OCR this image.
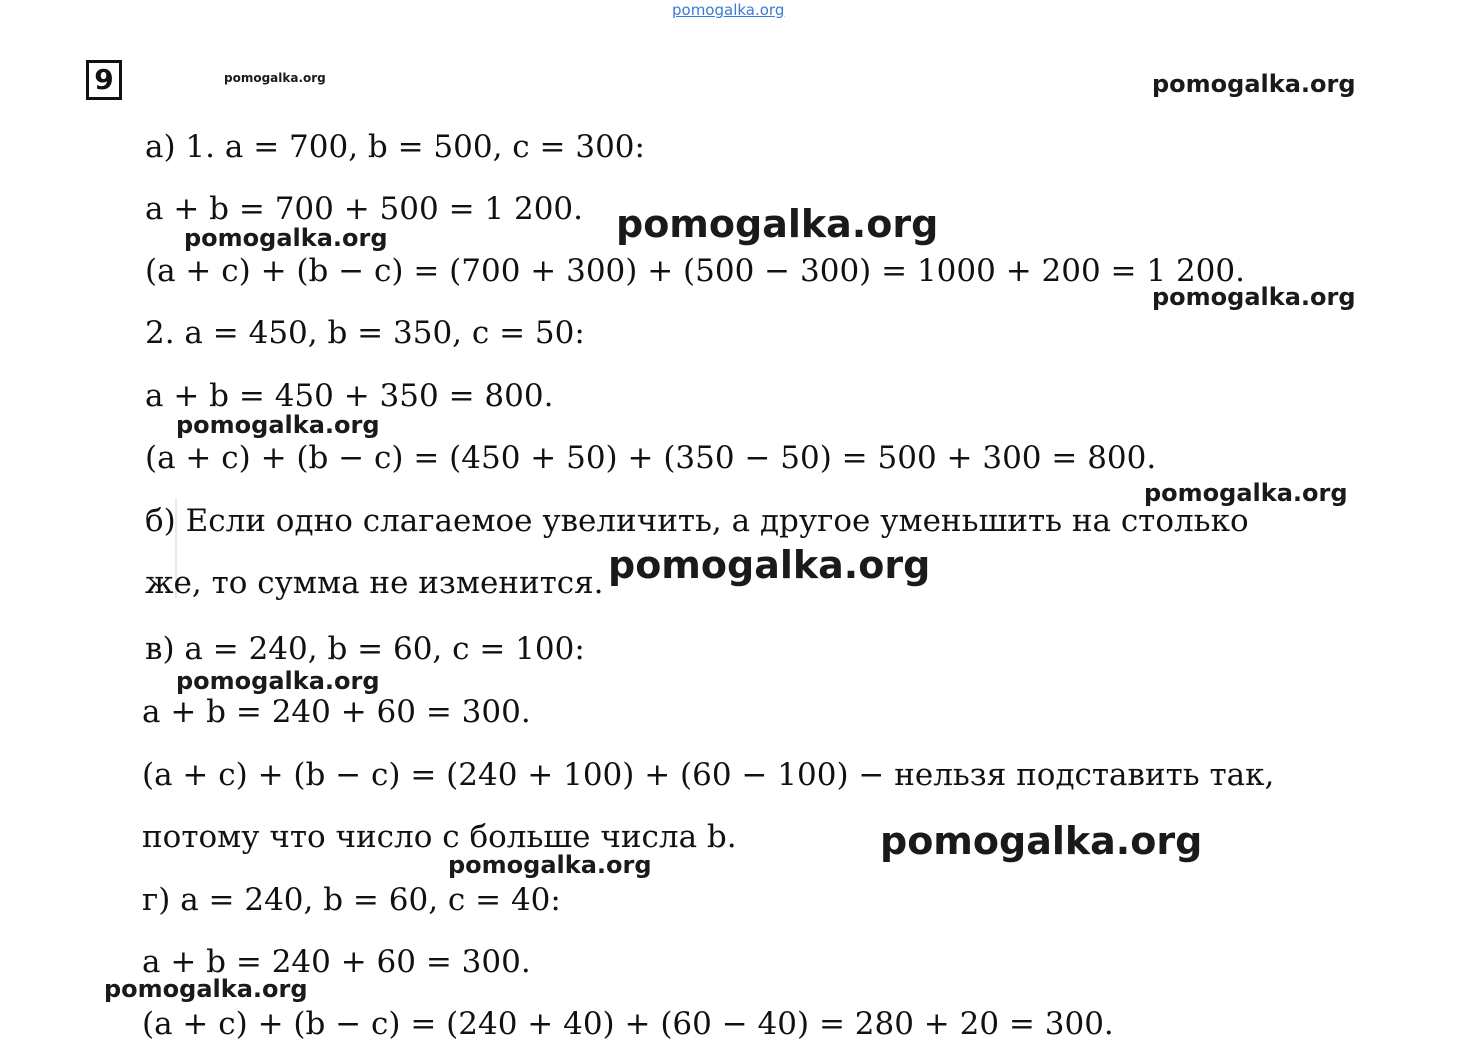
pomogalka.org
9	pomogalka.org	pomogalka.org
а) 1. a = 700, b = 500, c = 300:
a + b = 700 + 500 = 1 200.
(a + c) + (b − c) = (700 + 300) + (500 − 300) = 1000 + 200 = 1 200.
2. a = 450, b = 350, c = 50:
a + b = 450 + 350 = 800.
(a + c) + (b − c) = (450 + 50) + (350 − 50) = 500 + 300 = 800.
б) Если одно слагаемое увеличить, а другое уменьшить на столько
же, то сумма не изменится.
в) a = 240, b = 60, c = 100:
a + b = 240 + 60 = 300.
(a + c) + (b − c) = (240 + 100) + (60 − 100) − нельзя подставить так,
потому что число c больше числа b.
г) a = 240, b = 60, c = 40:
a + b = 240 + 60 = 300.
(a + c) + (b − c) = (240 + 40) + (60 − 40) = 280 + 20 = 300.
pomogalka.org
pomogalka.org
pomogalka.org
pomogalka.org
pomogalka.org
pomogalka.org
pomogalka.org
pomogalka.org
pomogalka.org
pomogalka.org
